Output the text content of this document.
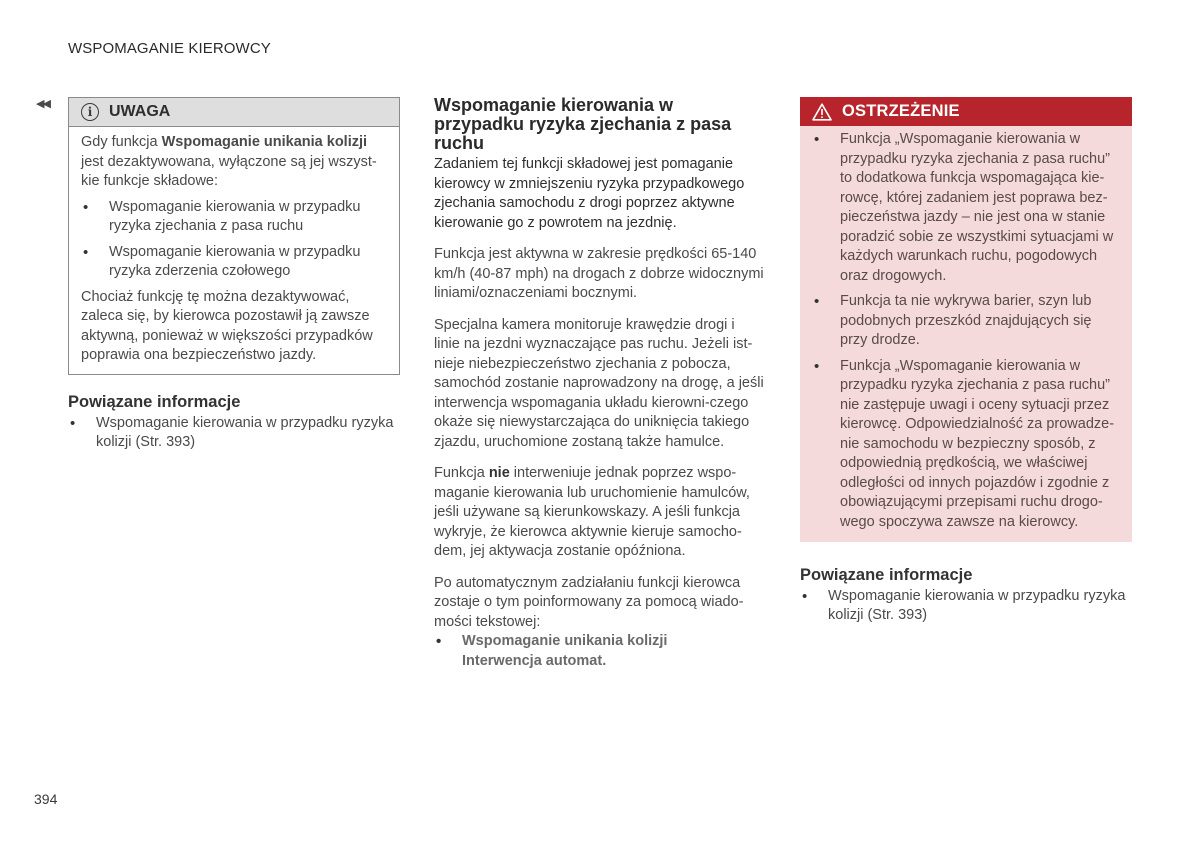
WSPOMAGANIE KIEROWCY
◀◀
i	UWAGA

Gdy funkcja Wspomaganie unikania kolizji jest dezaktywowana, wyłączone są jej wszyst-kie funkcje składowe:

• Wspomaganie kierowania w przypadku ryzyka zjechania z pasa ruchu
• Wspomaganie kierowania w przypadku ryzyka zderzenia czołowego

Chociaż funkcję tę można dezaktywować, zaleca się, by kierowca pozostawił ją zawsze aktywną, ponieważ w większości przypadków poprawia ona bezpieczeństwo jazdy.

Powiązane informacje
• Wspomaganie kierowania w przypadku ryzyka kolizji (Str. 393)
Wspomaganie kierowania w przypadku ryzyka zjechania z pasa ruchu

Zadaniem tej funkcji składowej jest pomaganie kierowcy w zmniejszeniu ryzyka przypadkowego zjechania samochodu z drogi poprzez aktywne kierowanie go z powrotem na jezdnię.

Funkcja jest aktywna w zakresie prędkości 65-140 km/h (40-87 mph) na drogach z dobrze widocznymi liniami/oznaczeniami bocznymi.

Specjalna kamera monitoruje krawędzie drogi i linie na jezdni wyznaczające pas ruchu. Jeżeli ist-nieje niebezpieczeństwo zjechania z pobocza, samochód zostanie naprowadzony na drogę, a jeśli interwencja wspomagania układu kierowni-czego okaże się niewystarczająca do uniknięcia takiego zjazdu, uruchomione zostaną także hamulce.

Funkcja nie interweniuje jednak poprzez wspo-maganie kierowania lub uruchomienie hamulców, jeśli używane są kierunkowskazy. A jeśli funkcja wykryje, że kierowca aktywnie kieruje samocho-dem, jej aktywacja zostanie opóźniona.

Po automatycznym zadziałaniu funkcji kierowca zostaje o tym poinformowany za pomocą wiado-mości tekstowej:

• Wspomaganie unikania kolizji
Interwencja automat.
OSTRZEŻENIE
• Funkcja „Wspomaganie kierowania w przypadku ryzyka zjechania z pasa ruchu” to dodatkowa funkcja wspomagająca kie-rowcę, której zadaniem jest poprawa bez-pieczeństwa jazdy – nie jest ona w stanie poradzić sobie ze wszystkimi sytuacjami w każdych warunkach ruchu, pogodowych oraz drogowych.
• Funkcja ta nie wykrywa barier, szyn lub podobnych przeszkód znajdujących się przy drodze.
• Funkcja „Wspomaganie kierowania w przypadku ryzyka zjechania z pasa ruchu” nie zastępuje uwagi i oceny sytuacji przez kierowcę. Odpowiedzialność za prowadze-nie samochodu w bezpieczny sposób, z odpowiednią prędkością, we właściwej odległości od innych pojazdów i zgodnie z obowiązującymi przepisami ruchu drogo-wego spoczywa zawsze na kierowcy.
Powiązane informacje
• Wspomaganie kierowania w przypadku ryzyka kolizji (Str. 393)
394
